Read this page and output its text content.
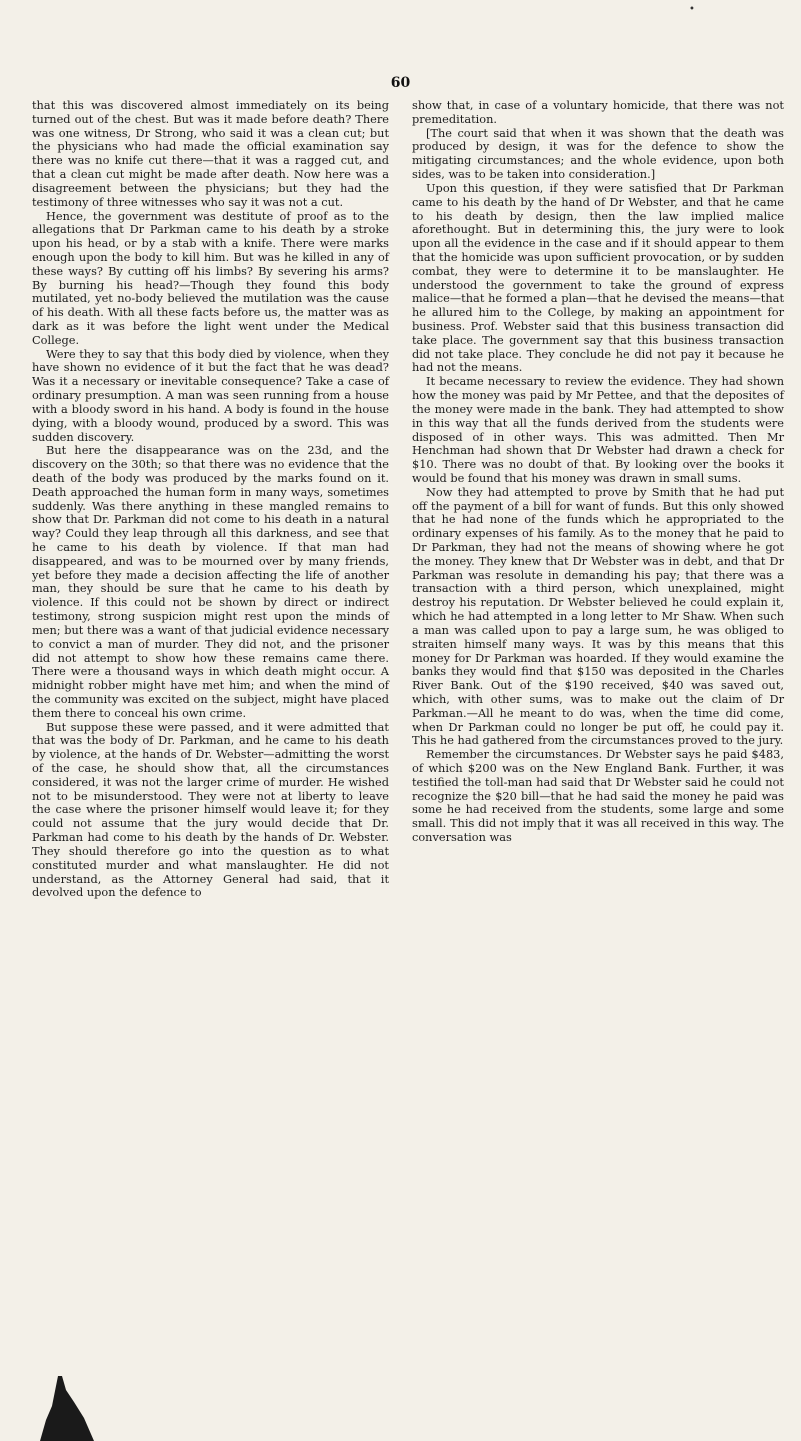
•
60

that this was discovered almost immediately on its being turned out of the chest. But was it made before death? There was one witness, Dr Strong, who said it was a clean cut; but the physicians who had made the official examination say there was no knife cut there—that it was a ragged cut, and that a clean cut might be made after death. Now here was a disagreement between the physicians; but they had the testimony of three witnesses who say it was not a cut.

Hence, the government was destitute of proof as to the allegations that Dr Parkman came to his death by a stroke upon his head, or by a stab with a knife. There were marks enough upon the body to kill him. But was he killed in any of these ways? By cutting off his limbs? By severing his arms? By burning his head?—Though they found this body mutilated, yet no-body believed the mutilation was the cause of his death. With all these facts before us, the matter was as dark as it was before the light went under the Medical College.

Were they to say that this body died by violence, when they have shown no evidence of it but the fact that he was dead? Was it a necessary or inevitable consequence? Take a case of ordinary presumption. A man was seen running from a house with a bloody sword in his hand. A body is found in the house dying, with a bloody wound, produced by a sword. This was sudden discovery.

But here the disappearance was on the 23d, and the discovery on the 30th; so that there was no evidence that the death of the body was produced by the marks found on it. Death approached the human form in many ways, sometimes suddenly. Was there anything in these mangled remains to show that Dr. Parkman did not come to his death in a natural way? Could they leap through all this darkness, and see that he came to his death by violence. If that man had disappeared, and was to be mourned over by many friends, yet before they made a decision affecting the life of another man, they should be sure that he came to his death by violence. If this could not be shown by direct or indirect testimony, strong suspicion might rest upon the minds of men; but there was a want of that judicial evidence necessary to convict a man of murder. They did not, and the prisoner did not attempt to show how these remains came there. There were a thousand ways in which death might occur. A midnight robber might have met him; and when the mind of the community was excited on the subject, might have placed them there to conceal his own crime.

But suppose these were passed, and it were admitted that that was the body of Dr. Parkman, and he came to his death by violence, at the hands of Dr. Webster—admitting the worst of the case, he should show that, all the circumstances considered, it was not the larger crime of murder. He wished not to be misunderstood. They were not at liberty to leave the case where the prisoner himself would leave it; for they could not assume that the jury would decide that Dr. Parkman had come to his death by the hands of Dr. Webster. They should therefore go into the question as to what constituted murder and what manslaughter. He did not understand, as the Attorney General had said, that it devolved upon the defence to

show that, in case of a voluntary homicide, that there was not premeditation.

[The court said that when it was shown that the death was produced by design, it was for the defence to show the mitigating circumstances; and the whole evidence, upon both sides, was to be taken into consideration.]

Upon this question, if they were satisfied that Dr Parkman came to his death by the hand of Dr Webster, and that he came to his death by design, then the law implied malice aforethought. But in determining this, the jury were to look upon all the evidence in the case and if it should appear to them that the homicide was upon sufficient provocation, or by sudden combat, they were to determine it to be manslaughter. He understood the government to take the ground of express malice—that he formed a plan—that he devised the means—that he allured him to the College, by making an appointment for business. Prof. Webster said that this business transaction did take place. The government say that this business transaction did not take place. They conclude he did not pay it because he had not the means.

It became necessary to review the evidence. They had shown how the money was paid by Mr Pettee, and that the deposites of the money were made in the bank. They had attempted to show in this way that all the funds derived from the students were disposed of in other ways. This was admitted. Then Mr Henchman had shown that Dr Webster had drawn a check for $10. There was no doubt of that. By looking over the books it would be found that his money was drawn in small sums.

Now they had attempted to prove by Smith that he had put off the payment of a bill for want of funds. But this only showed that he had none of the funds which he appropriated to the ordinary expenses of his family. As to the money that he paid to Dr Parkman, they had not the means of showing where he got the money. They knew that Dr Webster was in debt, and that Dr Parkman was resolute in demanding his pay; that there was a transaction with a third person, which unexplained, might destroy his reputation. Dr Webster believed he could explain it, which he had attempted in a long letter to Mr Shaw. When such a man was called upon to pay a large sum, he was obliged to straiten himself many ways. It was by this means that this money for Dr Parkman was hoarded. If they would examine the banks they would find that $150 was deposited in the Charles River Bank. Out of the $190 received, $40 was saved out, which, with other sums, was to make out the claim of Dr Parkman.—All he meant to do was, when the time did come, when Dr Parkman could no longer be put off, he could pay it. This he had gathered from the circumstances proved to the jury.

Remember the circumstances. Dr Webster says he paid $483, of which $200 was on the New England Bank. Further, it was testified the toll-man had said that Dr Webster said he could not recognize the $20 bill—that he had said the money he paid was some he had received from the students, some large and some small. This did not imply that it was all received in this way. The conversation was
